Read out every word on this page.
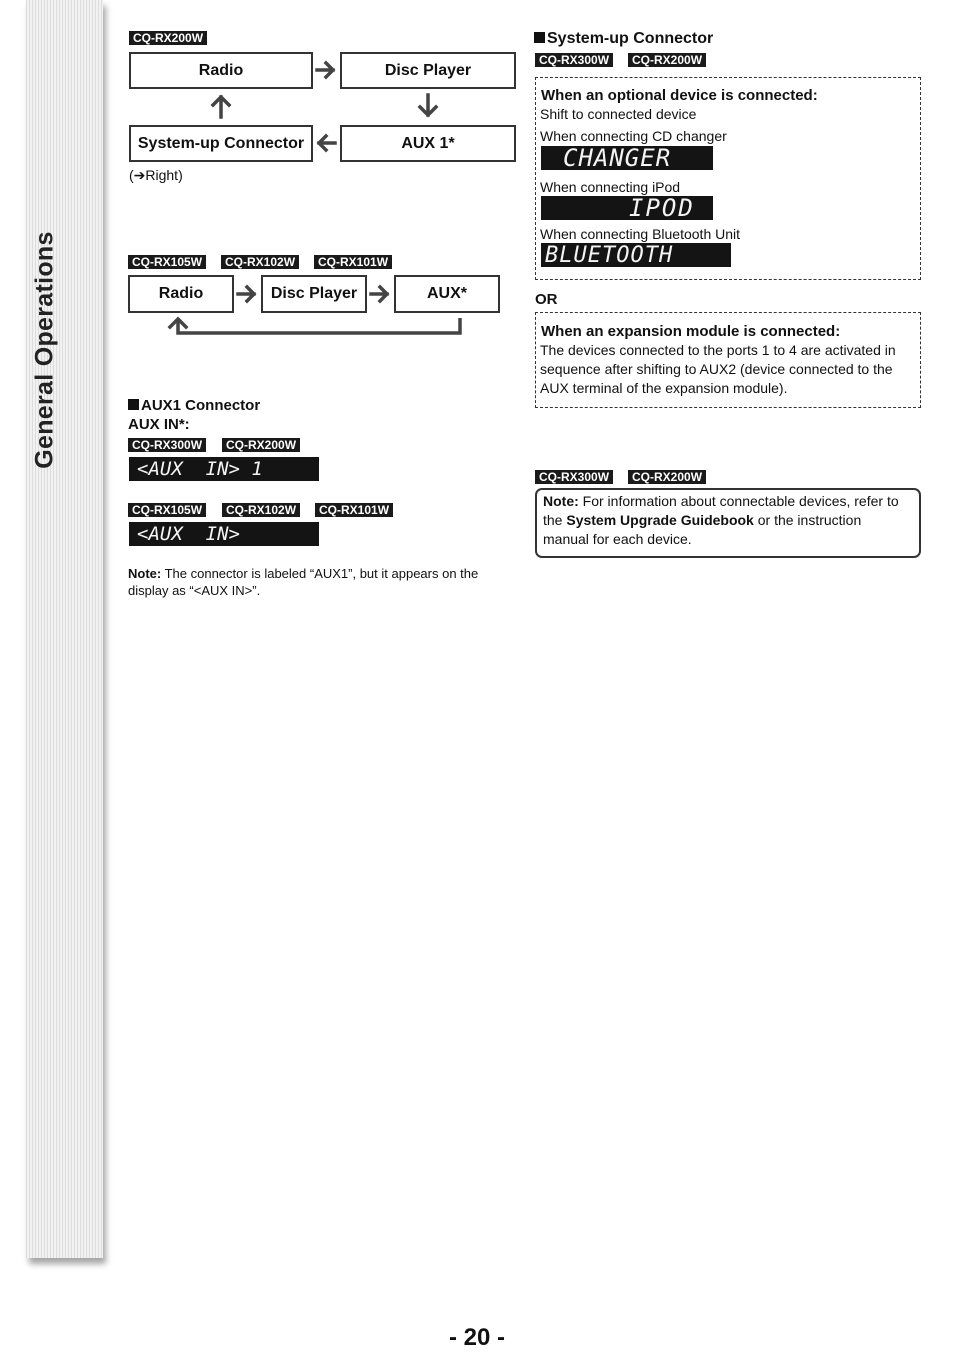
General Operations
CQ-RX200W
Radio	Disc Player
System-up Connector	AUX 1*
(➔Right)
CQ-RX105W	CQ-RX102W	CQ-RX101W
Radio	Disc Player	AUX*
AUX1 Connector
AUX IN*:
CQ-RX300W	CQ-RX200W
<AUX  IN> 1
CQ-RX105W	CQ-RX102W	CQ-RX101W
<AUX  IN>
Note: The connector is labeled “AUX1”, but it appears on the display as “<AUX IN>”.
System-up Connector
CQ-RX300W	CQ-RX200W
When an optional device is connected:
Shift to connected device
When connecting CD changer
CHANGER
When connecting iPod
IPOD
When connecting Bluetooth Unit
BLUETOOTH
OR
When an expansion module is connected:
The devices connected to the ports 1 to 4 are activated in sequence after shifting to AUX2 (device connected to the AUX terminal of the expansion module).
CQ-RX300W	CQ-RX200W
Note: For information about connectable devices, refer to the System Upgrade Guidebook or the instruction manual for each device.
- 20 -
